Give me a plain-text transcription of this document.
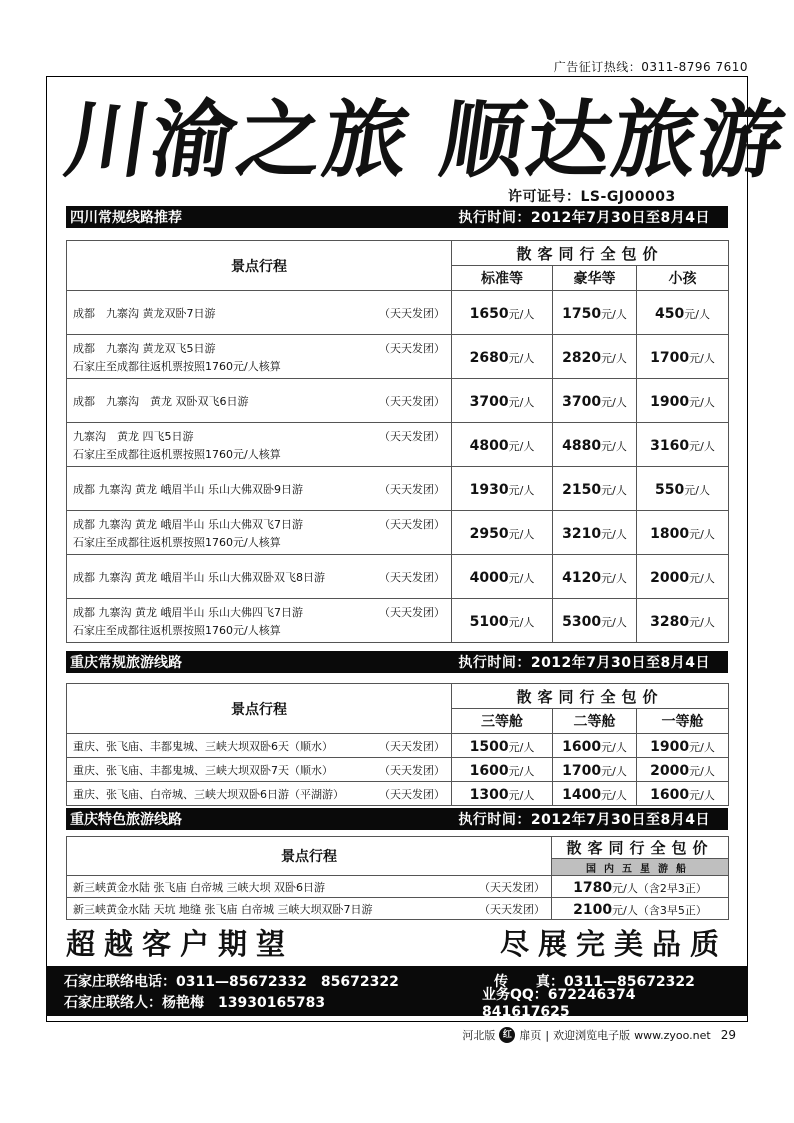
广告征订热线：0311-8796 7610
川渝之旅 顺达旅游
许可证号：LS-GJ00003
四川常规线路推荐	执行时间：2012年7月30日至8月4日
景点行程	散客同行全包价		
	标准等	豪华等	小孩

成都　九寨沟 黄龙双卧7日游 （天天发团）	1650元/人	1750元/人	450元/人

成都　九寨沟 黄龙双飞5日游 （天天发团）
石家庄至成都往返机票按照1760元/人核算	2680元/人	2820元/人	1700元/人

成都　九寨沟　黄龙 双卧双飞6日游 （天天发团）	3700元/人	3700元/人	1900元/人

九寨沟　黄龙 四飞5日游 （天天发团）
石家庄至成都往返机票按照1760元/人核算	4800元/人	4880元/人	3160元/人

成都 九寨沟 黄龙 峨眉半山 乐山大佛双卧9日游 （天天发团）	1930元/人	2150元/人	550元/人

成都 九寨沟 黄龙 峨眉半山 乐山大佛双飞7日游 （天天发团）
石家庄至成都往返机票按照1760元/人核算	2950元/人	3210元/人	1800元/人

成都 九寨沟 黄龙 峨眉半山 乐山大佛双卧双飞8日游 （天天发团）	4000元/人	4120元/人	2000元/人

成都 九寨沟 黄龙 峨眉半山 乐山大佛四飞7日游 （天天发团）
石家庄至成都往返机票按照1760元/人核算	5100元/人	5300元/人	3280元/人
重庆常规旅游线路	执行时间：2012年7月30日至8月4日
景点行程	散客同行全包价		
	三等舱	二等舱	一等舱

重庆、张飞庙、丰都鬼城、三峡大坝双卧6天（顺水） （天天发团）	1500元/人	1600元/人	1900元/人

重庆、张飞庙、丰都鬼城、三峡大坝双卧7天（顺水） （天天发团）	1600元/人	1700元/人	2000元/人

重庆、张飞庙、白帝城、三峡大坝双卧6日游（平湖游） （天天发团）	1300元/人	1400元/人	1600元/人
重庆特色旅游线路	执行时间：2012年7月30日至8月4日
景点行程	散客同行全包价
	国内五星游船

新三峡黄金水陆 张飞庙 白帝城 三峡大坝 双卧6日游 （天天发团）	1780元/人（含2早3正）

新三峡黄金水陆 天坑 地缝 张飞庙 白帝城 三峡大坝双卧7日游 （天天发团）	2100元/人（含3早5正）
超越客户期望	尽展完美品质
石家庄联络电话：0311—85672332　85672322	传　　真：0311—85672322
石家庄联络人：杨艳梅　13930165783	业务QQ：672246374　841617625
河北版 红 扉页 | 欢迎浏览电子版 www.zyoo.net 29
